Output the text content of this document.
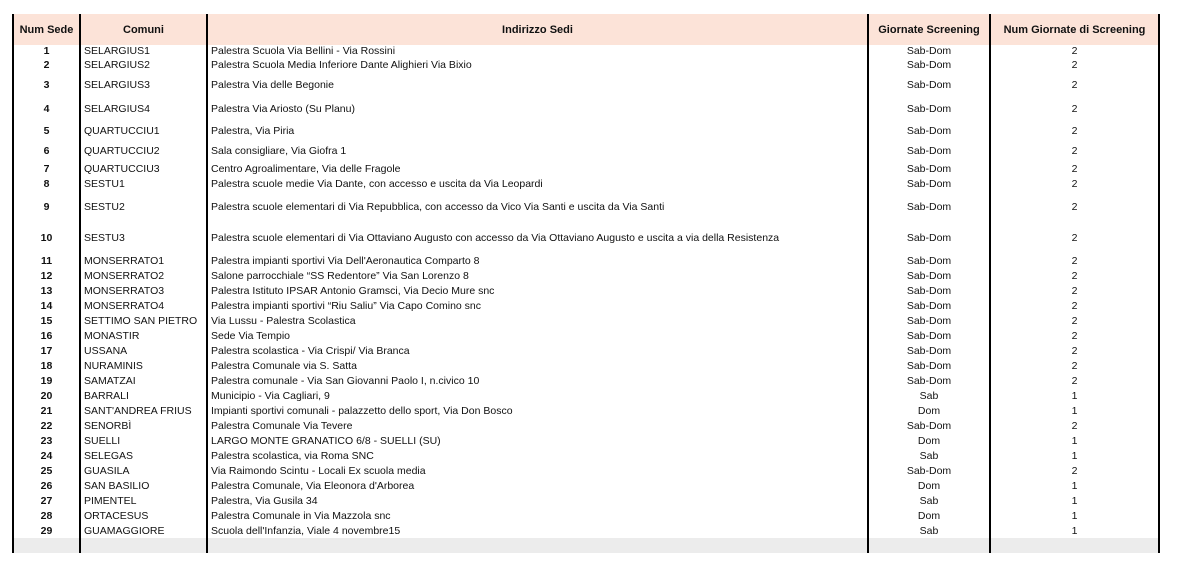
Num Sede	Comuni	Indirizzo Sedi	Giornate Screening	Num Giornate di Screening
1	SELARGIUS1	Palestra Scuola Via Bellini - Via Rossini	Sab-Dom	2
2	SELARGIUS2	Palestra Scuola Media Inferiore Dante Alighieri Via Bixio	Sab-Dom	2
3	SELARGIUS3	Palestra Via delle Begonie	Sab-Dom	2
4	SELARGIUS4	Palestra Via Ariosto (Su Planu)	Sab-Dom	2
5	QUARTUCCIU1	Palestra, Via Piria	Sab-Dom	2
6	QUARTUCCIU2	Sala consigliare, Via Giofra 1	Sab-Dom	2
7	QUARTUCCIU3	Centro Agroalimentare, Via delle Fragole	Sab-Dom	2
8	SESTU1	Palestra scuole medie Via Dante, con accesso e uscita da Via Leopardi	Sab-Dom	2
9	SESTU2	Palestra scuole elementari di Via Repubblica, con accesso da Vico Via Santi e uscita da Via Santi	Sab-Dom	2
10	SESTU3	Palestra scuole elementari di Via Ottaviano Augusto con accesso da Via Ottaviano Augusto e uscita a via della Resistenza	Sab-Dom	2
11	MONSERRATO1	Palestra impianti sportivi Via Dell'Aeronautica Comparto 8	Sab-Dom	2
12	MONSERRATO2	Salone parrocchiale “SS Redentore” Via San Lorenzo 8	Sab-Dom	2
13	MONSERRATO3	Palestra Istituto IPSAR Antonio Gramsci, Via Decio Mure snc	Sab-Dom	2
14	MONSERRATO4	Palestra impianti sportivi “Riu Saliu” Via Capo Comino snc	Sab-Dom	2
15	SETTIMO SAN PIETRO	Via Lussu - Palestra Scolastica	Sab-Dom	2
16	MONASTIR	Sede Via Tempio	Sab-Dom	2
17	USSANA	Palestra scolastica - Via Crispi/ Via Branca	Sab-Dom	2
18	NURAMINIS	Palestra Comunale via S. Satta	Sab-Dom	2
19	SAMATZAI	Palestra comunale - Via San Giovanni Paolo I, n.civico 10	Sab-Dom	2
20	BARRALI	Municipio - Via Cagliari, 9	Sab	1
21	SANT'ANDREA FRIUS	Impianti sportivi comunali - palazzetto dello sport, Via Don Bosco	Dom	1
22	SENORBÌ	Palestra Comunale Via Tevere	Sab-Dom	2
23	SUELLI	LARGO MONTE GRANATICO 6/8 - SUELLI (SU)	Dom	1
24	SELEGAS	Palestra scolastica, via Roma SNC	Sab	1
25	GUASILA	Via Raimondo Scintu - Locali Ex scuola media	Sab-Dom	2
26	SAN BASILIO	Palestra Comunale, Via Eleonora d'Arborea	Dom	1
27	PIMENTEL	Palestra, Via Gusila 34	Sab	1
28	ORTACESUS	Palestra Comunale in Via Mazzola snc	Dom	1
29	GUAMAGGIORE	Scuola dell'Infanzia, Viale 4 novembre15	Sab	1
